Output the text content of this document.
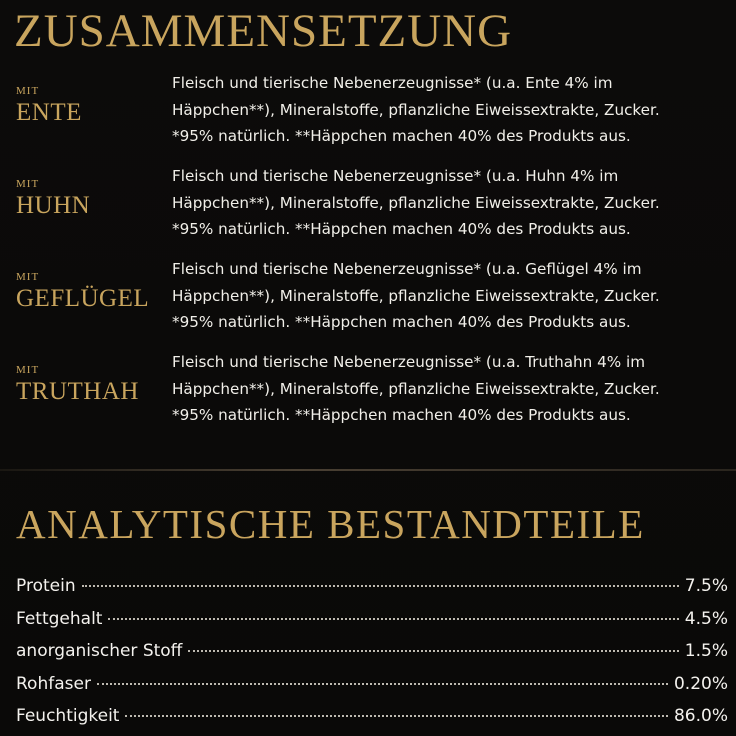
ZUSAMMENSETZUNG
MIT
ENTE
Fleisch und tierische Nebenerzeugnisse* (u.a. Ente 4% im
Häppchen**), Mineralstoffe, pflanzliche Eiweissextrakte, Zucker.
*95% natürlich. **Häppchen machen 40% des Produkts aus.
MIT
HUHN
Fleisch und tierische Nebenerzeugnisse* (u.a. Huhn 4% im
Häppchen**), Mineralstoffe, pflanzliche Eiweissextrakte, Zucker.
*95% natürlich. **Häppchen machen 40% des Produkts aus.
MIT
GEFLÜGEL
Fleisch und tierische Nebenerzeugnisse* (u.a. Geflügel 4% im
Häppchen**), Mineralstoffe, pflanzliche Eiweissextrakte, Zucker.
*95% natürlich. **Häppchen machen 40% des Produkts aus.
MIT
TRUTHAH
Fleisch und tierische Nebenerzeugnisse* (u.a. Truthahn 4% im
Häppchen**), Mineralstoffe, pflanzliche Eiweissextrakte, Zucker.
*95% natürlich. **Häppchen machen 40% des Produkts aus.
ANALYTISCHE BESTANDTEILE
Protein	7.5%
Fettgehalt	4.5%
anorganischer Stoff	1.5%
Rohfaser	0.20%
Feuchtigkeit	86.0%
